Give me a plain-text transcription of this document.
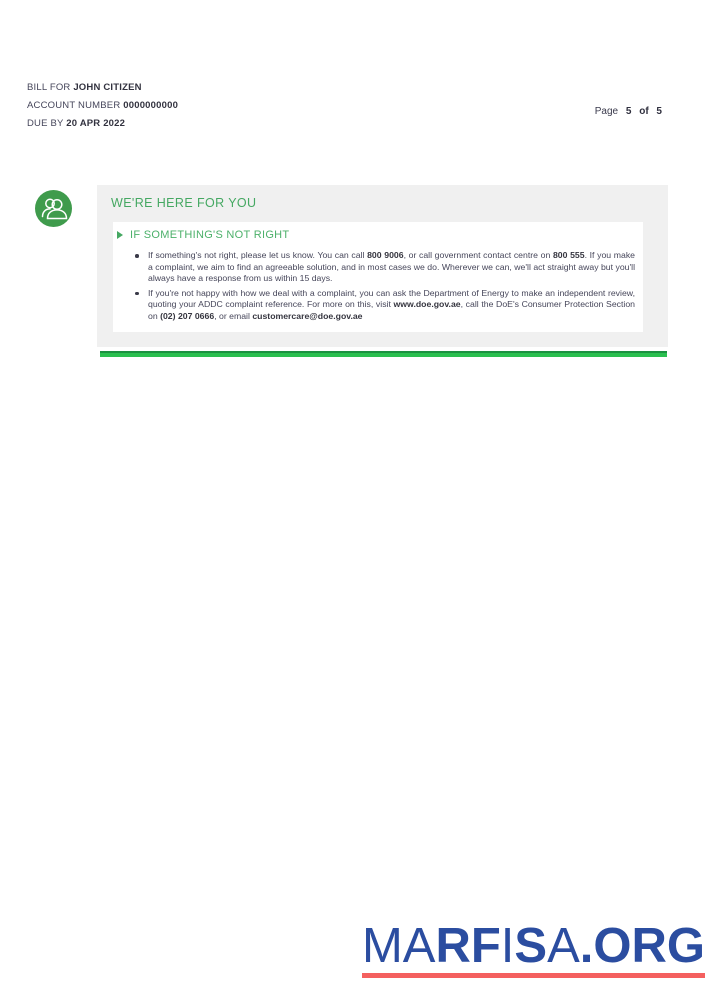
BILL FOR JOHN CITIZEN
ACCOUNT NUMBER 0000000000
DUE BY 20 APR 2022
Page 5 of 5
WE'RE HERE FOR YOU
IF SOMETHING'S NOT RIGHT
If something's not right, please let us know. You can call 800 9006, or call government contact centre on 800 555. If you make a complaint, we aim to find an agreeable solution, and in most cases we do. Wherever we can, we'll act straight away but you'll always have a response from us within 15 days.
If you're not happy with how we deal with a complaint, you can ask the Department of Energy to make an independent review, quoting your ADDC complaint reference. For more on this, visit www.doe.gov.ae, call the DoE's Consumer Protection Section on (02) 207 0666, or email customercare@doe.gov.ae
MARFISA.ORG
